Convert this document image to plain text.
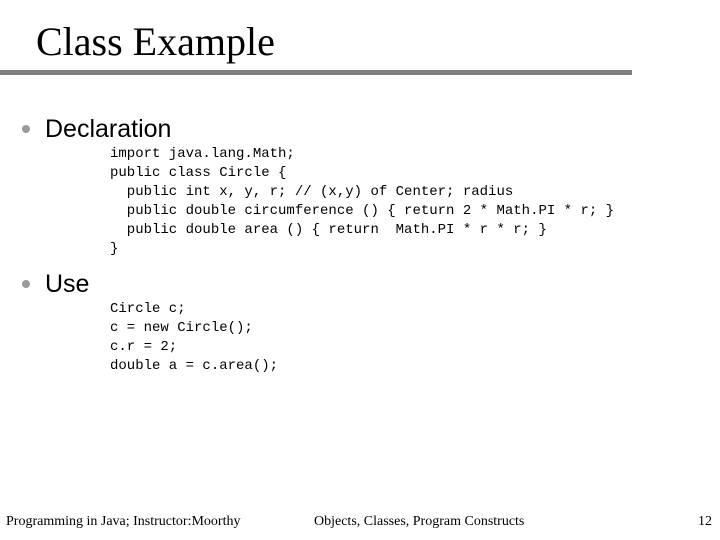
Class Example
Declaration
import java.lang.Math;
public class Circle {
public int x, y, r; // (x,y) of Center; radius
public double circumference () { return 2 * Math.PI * r; }
public double area () { return  Math.PI * r * r; }
}
Use
Circle c;
c = new Circle();
c.r = 2;
double a = c.area();
Programming in Java; Instructor:Moorthy	Objects, Classes, Program Constructs	12
